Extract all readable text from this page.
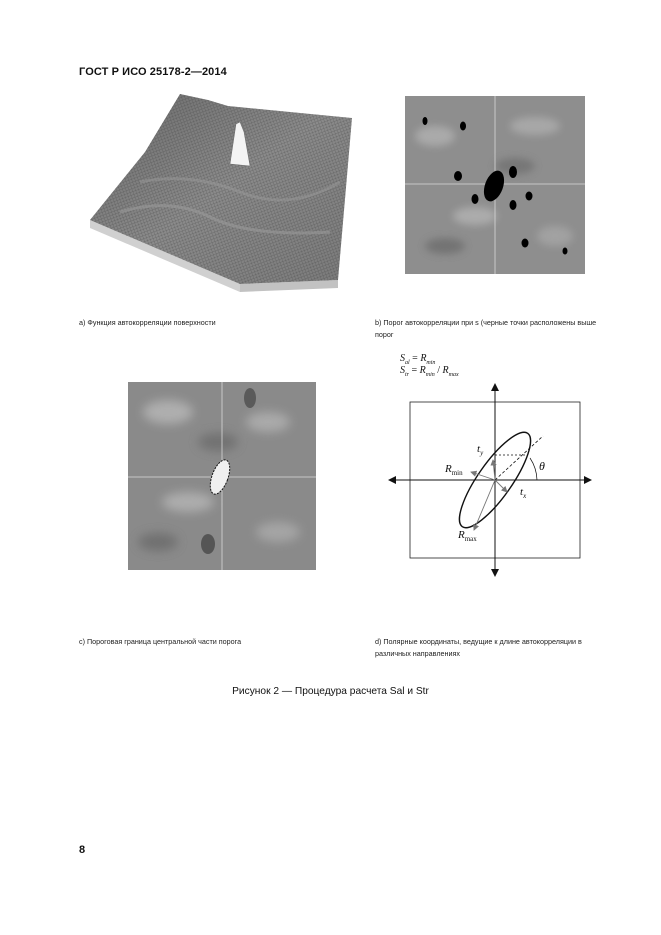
ГОСТ Р ИСО 25178-2—2014
a) Функция автокорреляции поверхности	b) Порог автокорреляции при s (черные точки расположены выше порог
$S_{al} = R_{min}$
$S_{tr} = R_{min} / R_{max}$
$t_y$
$t_x$
$R_{min}$
$R_{max}$
θ
c) Пороговая граница центральной части порога	d) Полярные координаты, ведущие к длине автокорреляции в различных направлениях
Рисунок 2 — Процедура расчета Sal и Str
8
